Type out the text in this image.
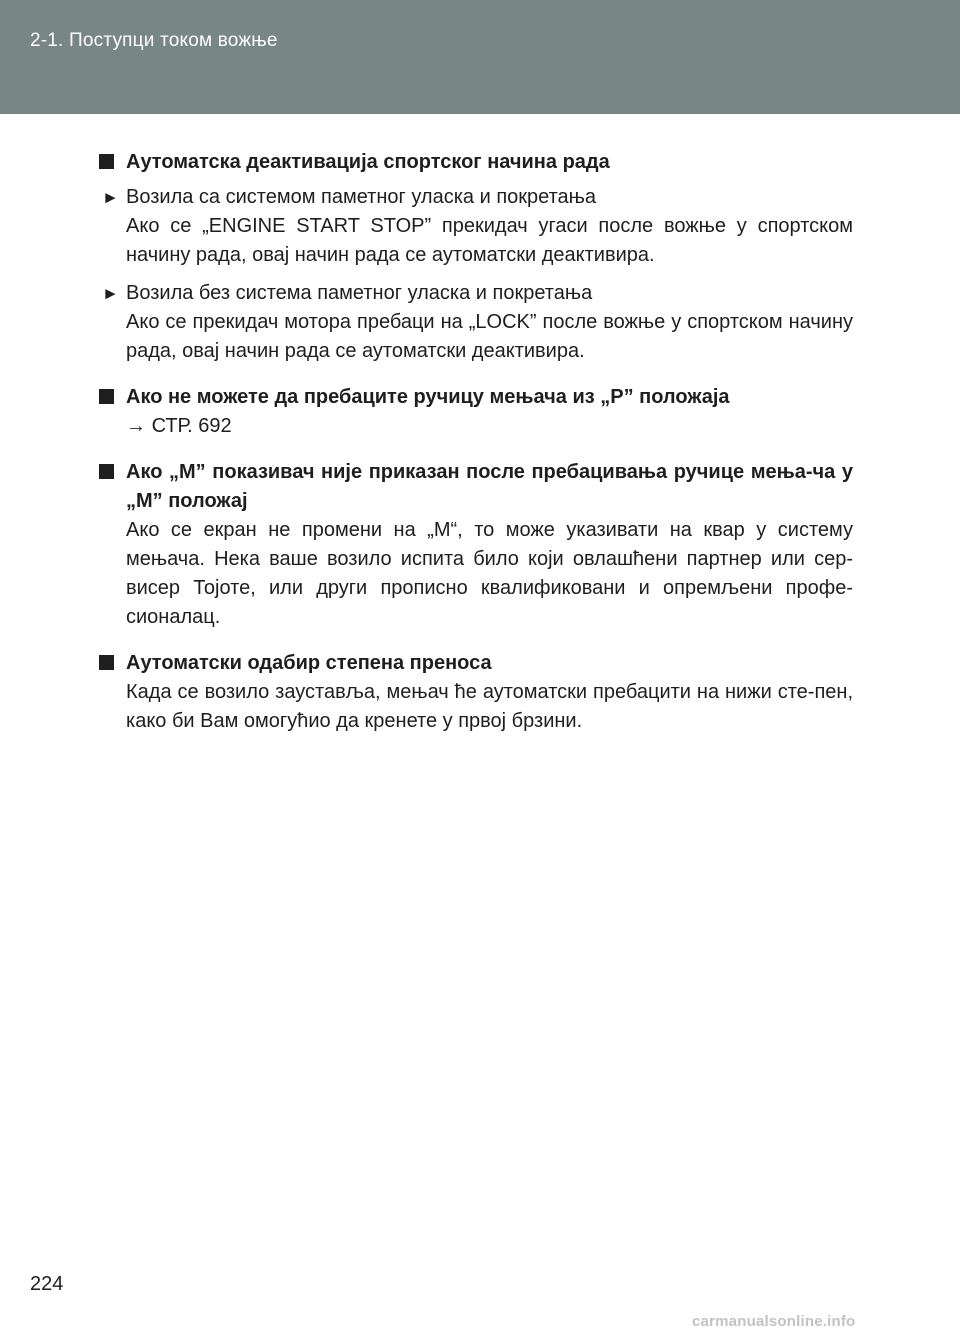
2-1. Поступци током вожње
Аутоматска деактивација спортског начина рада
► Возила са системом паметног уласка и покретања
Ако се „ENGINE START STOP” прекидач угаси после вожње у спортском начину рада, овај начин рада се аутоматски деактивира.
► Возила без система паметног уласка и покретања
Ако се прекидач мотора пребаци на „LOCK” после вожње у спортском начину рада, овај начин рада се аутоматски деактивира.
Ако не можете да пребаците ручицу мењача из „P” положаја
→ СТР. 692
Ако „M” показивач није приказан после пребацивања ручице мења-ча у „M” положај
Ако се екран не промени на „M“, то може указивати на квар у систему мењача. Нека ваше возило испита било који овлашћени партнер или сер-висер Тојоте, или други прописно квалификовани и опремљени профе-сионалац.
Аутоматски одабир степена преноса
Када се возило зауставља, мењач ће аутоматски пребацити на нижи сте-пен, како би Вам омогућио да кренете у првој брзини.
224
carmanualsonline.info
